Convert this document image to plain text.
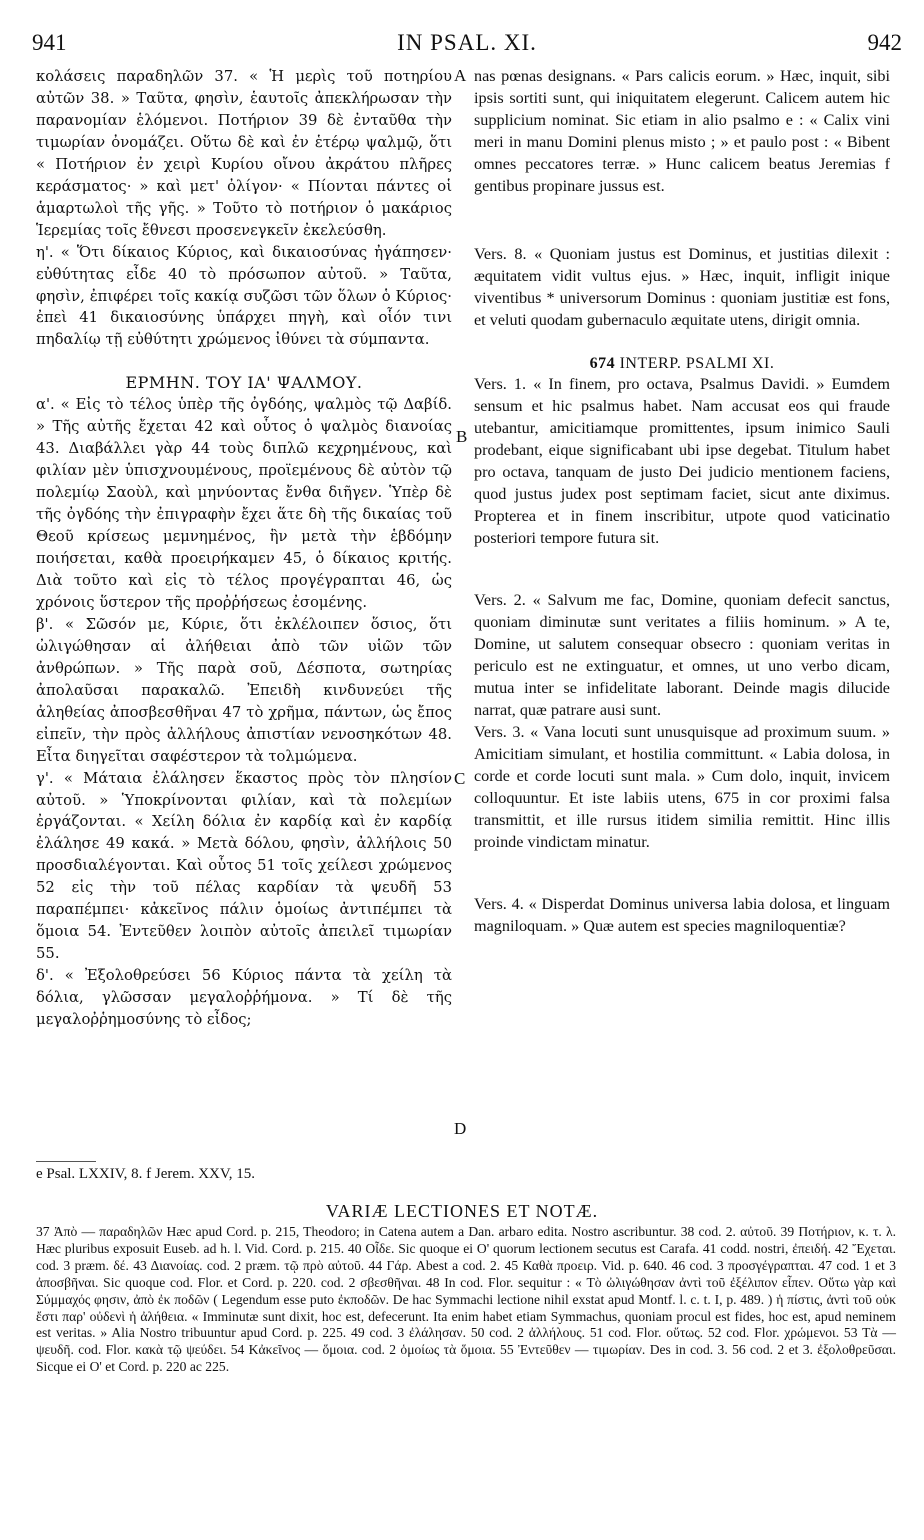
941	IN PSAL. XI.	942
A
B
C
D

κολάσεις παραδηλῶν 37. « Ἡ μερὶς τοῦ ποτηρίου αὐτῶν 38. » Ταῦτα, φησὶν, ἑαυτοῖς ἀπεκλήρωσαν τὴν παρανομίαν ἑλόμενοι. Ποτήριον 39 δὲ ἐνταῦθα τὴν τιμωρίαν ὀνομάζει. Οὕτω δὲ καὶ ἐν ἑτέρῳ ψαλμῷ, ὅτι « Ποτήριον ἐν χειρὶ Κυρίου οἴνου ἀκράτου πλῆρες κεράσματος· » καὶ μετ' ὀλίγον· « Πίονται πάντες οἱ ἁμαρτωλοὶ τῆς γῆς. » Τοῦτο τὸ ποτήριον ὁ μακάριος Ἱερεμίας τοῖς ἔθνεσι προσενεγκεῖν ἐκελεύσθη.

η'. « Ὅτι δίκαιος Κύριος, καὶ δικαιοσύνας ἠγάπησεν· εὐθύτητας εἶδε 40 τὸ πρόσωπον αὐτοῦ. » Ταῦτα, φησὶν, ἐπιφέρει τοῖς κακίᾳ συζῶσι τῶν ὅλων ὁ Κύριος· ἐπεὶ 41 δικαιοσύνης ὑπάρχει πηγὴ, καὶ οἷόν τινι πηδαλίῳ τῇ εὐθύτητι χρώμενος ἰθύνει τὰ σύμπαντα.

ΕΡΜΗΝ. ΤΟΥ ΙΑ' ΨΑΛΜΟΥ.

α'. « Εἰς τὸ τέλος ὑπὲρ τῆς ὀγδόης, ψαλμὸς τῷ Δαβίδ. » Τῆς αὐτῆς ἔχεται 42 καὶ οὗτος ὁ ψαλμὸς διανοίας 43. Διαβάλλει γὰρ 44 τοὺς διπλῶ κεχρημένους, καὶ φιλίαν μὲν ὑπισχνουμένους, προϊεμένους δὲ αὐτὸν τῷ πολεμίῳ Σαοὺλ, καὶ μηνύοντας ἔνθα διῆγεν. Ὑπὲρ δὲ τῆς ὀγδόης τὴν ἐπιγραφὴν ἔχει ἅτε δὴ τῆς δικαίας τοῦ Θεοῦ κρίσεως μεμνημένος, ἣν μετὰ τὴν ἑβδόμην ποιήσεται, καθὰ προειρήκαμεν 45, ὁ δίκαιος κριτής. Διὰ τοῦτο καὶ εἰς τὸ τέλος προγέγραπται 46, ὡς χρόνοις ὕστερον τῆς προῤῥήσεως ἐσομένης.

β'. « Σῶσόν με, Κύριε, ὅτι ἐκλέλοιπεν ὅσιος, ὅτι ὠλιγώθησαν αἱ ἀλήθειαι ἀπὸ τῶν υἱῶν τῶν ἀνθρώπων. » Τῆς παρὰ σοῦ, Δέσποτα, σωτηρίας ἀπολαῦσαι παρακαλῶ. Ἐπειδὴ κινδυνεύει τῆς ἀληθείας ἀποσβεσθῆναι 47 τὸ χρῆμα, πάντων, ὡς ἔπος εἰπεῖν, τὴν πρὸς ἀλλήλους ἀπιστίαν νενοσηκότων 48. Εἶτα διηγεῖται σαφέστερον τὰ τολμώμενα.

γ'. « Μάταια ἐλάλησεν ἕκαστος πρὸς τὸν πλησίον αὐτοῦ. » Ὑποκρίνονται φιλίαν, καὶ τὰ πολεμίων ἐργάζονται. « Χείλη δόλια ἐν καρδίᾳ καὶ ἐν καρδίᾳ ἐλάλησε 49 κακά. » Μετὰ δόλου, φησὶν, ἀλλήλοις 50 προσδιαλέγονται. Καὶ οὗτος 51 τοῖς χείλεσι χρώμενος 52 εἰς τὴν τοῦ πέλας καρδίαν τὰ ψευδῆ 53 παραπέμπει· κἀκεῖνος πάλιν ὁμοίως ἀντιπέμπει τὰ ὅμοια 54. Ἐντεῦθεν λοιπὸν αὐτοῖς ἀπειλεῖ τιμωρίαν 55.

δ'. « Ἐξολοθρεύσει 56 Κύριος πάντα τὰ χείλη τὰ δόλια, γλῶσσαν μεγαλοῤῥήμονα. » Τί δὲ τῆς μεγαλοῤῥημοσύνης τὸ εἶδος;

nas pœnas designans. « Pars calicis eorum. » Hæc, inquit, sibi ipsis sortiti sunt, qui iniquitatem elegerunt. Calicem autem hic supplicium nominat. Sic etiam in alio psalmo e : « Calix vini meri in manu Domini plenus misto ; » et paulo post : « Bibent omnes peccatores terræ. » Hunc calicem beatus Jeremias f gentibus propinare jussus est.

Vers. 8. « Quoniam justus est Dominus, et justitias dilexit : æquitatem vidit vultus ejus. » Hæc, inquit, infligit inique viventibus * universorum Dominus : quoniam justitiæ est fons, et veluti quodam gubernaculo æquitate utens, dirigit omnia.

674 INTERP. PSALMI XI.

Vers. 1. « In finem, pro octava, Psalmus Davidi. » Eumdem sensum et hic psalmus habet. Nam accusat eos qui fraude utebantur, amicitiamque promittentes, ipsum inimico Sauli prodebant, eique significabant ubi ipse degebat. Titulum habet pro octava, tanquam de justo Dei judicio mentionem faciens, quod justus judex post septimam faciet, sicut ante diximus. Propterea et in finem inscribitur, utpote quod vaticinatio posteriori tempore futura sit.

Vers. 2. « Salvum me fac, Domine, quoniam defecit sanctus, quoniam diminutæ sunt veritates a filiis hominum. » A te, Domine, ut salutem consequar obsecro : quoniam veritas in periculo est ne extinguatur, et omnes, ut uno verbo dicam, mutua inter se infidelitate laborant. Deinde magis dilucide narrat, quæ patrare ausi sunt.

Vers. 3. « Vana locuti sunt unusquisque ad proximum suum. » Amicitiam simulant, et hostilia committunt. « Labia dolosa, in corde et corde locuti sunt mala. » Cum dolo, inquit, invicem colloquuntur. Et iste labiis utens, 675 in cor proximi falsa transmittit, et ille rursus itidem similia remittit. Hinc illis proinde vindictam minatur.

Vers. 4. « Disperdat Dominus universa labia dolosa, et linguam magniloquam. » Quæ autem est species magniloquentiæ?

e Psal. LXXIV, 8. f Jerem. XXV, 15.
VARIÆ LECTIONES ET NOTÆ.
37 Ἀπὸ — παραδηλῶν Hæc apud Cord. p. 215, Theodoro; in Catena autem a Dan. arbaro edita. Nostro ascribuntur. 38 cod. 2. αὐτοῦ. 39 Ποτήριον, κ. τ. λ. Hæc pluribus exposuit Euseb. ad h. l. Vid. Cord. p. 215. 40 Οἶδε. Sic quoque ei O' quorum lectionem secutus est Carafa. 41 codd. nostri, ἐπειδή. 42 Ἔχεται. cod. 3 præm. δέ. 43 Διανοίας. cod. 2 præm. τῷ πρὸ αὐτοῦ. 44 Γάρ. Abest a cod. 2. 45 Καθὰ προειρ. Vid. p. 640. 46 cod. 3 προσγέγραπται. 47 cod. 1 et 3 ἀποσβῆναι. Sic quoque cod. Flor. et Cord. p. 220. cod. 2 σβεσθῆναι. 48 In cod. Flor. sequitur : « Τὸ ὠλιγώθησαν ἀντὶ τοῦ ἐξέλιπον εἶπεν. Οὕτω γὰρ καὶ Σύμμαχός φησιν, ἀπὸ ἐκ ποδῶν ( Legendum esse puto ἐκποδῶν. De hac Symmachi lectione nihil exstat apud Montf. l. c. t. I, p. 489. ) ἡ πίστις, ἀντὶ τοῦ οὐκ ἔστι παρ' οὐδενὶ ἡ ἀλήθεια. « Imminutæ sunt dixit, hoc est, defecerunt. Ita enim habet etiam Symmachus, quoniam procul est fides, hoc est, apud neminem est veritas. » Alia Nostro tribuuntur apud Cord. p. 225. 49 cod. 3 ἐλάλησαν. 50 cod. 2 ἀλλήλους. 51 cod. Flor. οὕτως. 52 cod. Flor. χρώμενοι. 53 Τὰ — ψευδῆ. cod. Flor. κακὰ τῷ ψεύδει. 54 Κἀκεῖνος — ὅμοια. cod. 2 ὁμοίως τὰ ὅμοια. 55 Ἐντεῦθεν — τιμωρίαν. Des in cod. 3. 56 cod. 2 et 3. ἐξολοθρεῦσαι. Sicque ei O' et Cord. p. 220 ac 225.
